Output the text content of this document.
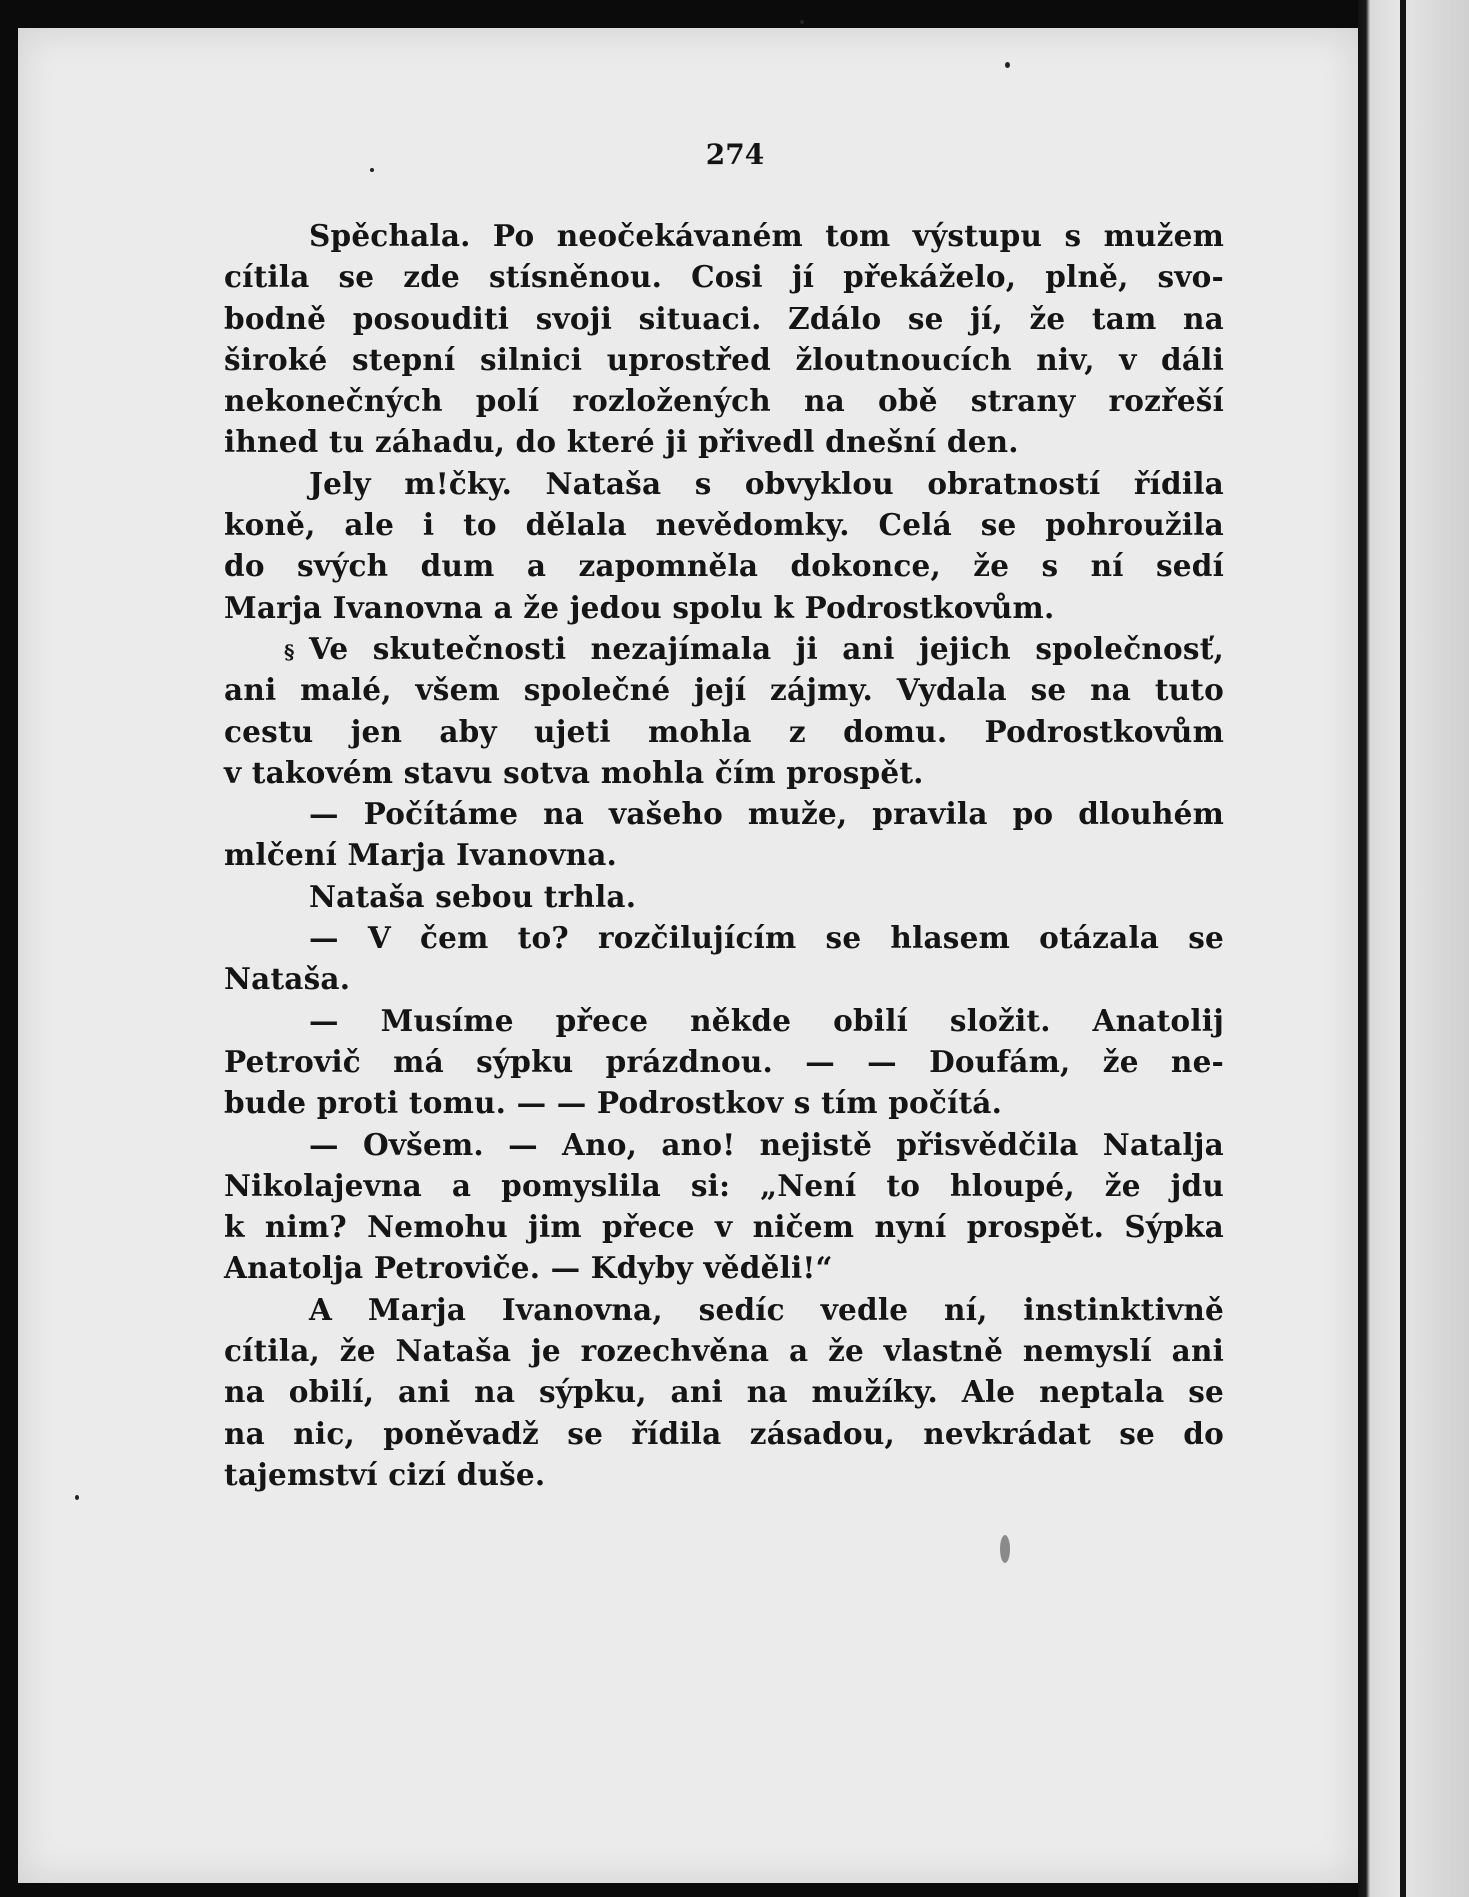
274
Spěchala. Po neočekávaném tom výstupu s mužem
cítila se zde stísněnou. Cosi jí překáželo, plně, svo-
bodně posouditi svoji situaci. Zdálo se jí, že tam na
široké stepní silnici uprostřed žloutnoucích niv, v dáli
nekonečných polí rozložených na obě strany rozřeší
ihned tu záhadu, do které ji přivedl dnešní den.
Jely m!čky. Nataša s obvyklou obratností řídila
koně, ale i to dělala nevědomky. Celá se pohroužila
do svých dum a zapomněla dokonce, že s ní sedí
Marja Ivanovna a že jedou spolu k Podrostkovům.
§ Ve skutečnosti nezajímala ji ani jejich společnosť,
ani malé, všem společné její zájmy. Vydala se na tuto
cestu jen aby ujeti mohla z domu. Podrostkovům
v takovém stavu sotva mohla čím prospět.
— Počítáme na vašeho muže, pravila po dlouhém
mlčení Marja Ivanovna.
Nataša sebou trhla.
— V čem to? rozčilujícím se hlasem otázala se
Nataša.
— Musíme přece někde obilí složit. Anatolij
Petrovič má sýpku prázdnou. — — Doufám, že ne-
bude proti tomu. — — Podrostkov s tím počítá.
— Ovšem. — Ano, ano! nejistě přisvědčila Natalja
Nikolajevna a pomyslila si: „Není to hloupé, že jdu
k nim? Nemohu jim přece v ničem nyní prospět. Sýpka
Anatolja Petroviče. — Kdyby věděli!“
A Marja Ivanovna, sedíc vedle ní, instinktivně
cítila, že Nataša je rozechvěna a že vlastně nemyslí ani
na obilí, ani na sýpku, ani na mužíky. Ale neptala se
na nic, poněvadž se řídila zásadou, nevkrádat se do
tajemství cizí duše.
